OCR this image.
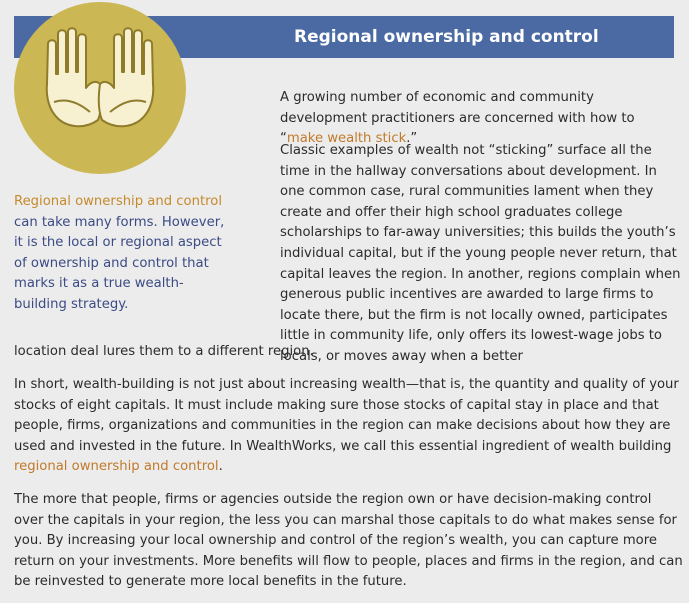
Regional ownership and control
Regional ownership and control can take many forms. However, it is the local or regional aspect of ownership and control that marks it as a true wealth-building strategy.

A growing number of economic and community development practitioners are concerned with how to “make wealth stick.”

Classic examples of wealth not “sticking” surface all the time in the hallway conversations about development. In one common case, rural communities lament when they create and offer their high school graduates college scholarships to far-away universities; this builds the youth’s individual capital, but if the young people never return, that capital leaves the region. In another, regions complain when generous public incentives are awarded to large firms to locate there, but the firm is not locally owned, participates little in community life, only offers its lowest-wage jobs to locals, or moves away when a better

location deal lures them to a different region.

In short, wealth-building is not just about increasing wealth—that is, the quantity and quality of your stocks of eight capitals. It must include making sure those stocks of capital stay in place and that people, firms, organizations and communities in the region can make decisions about how they are used and invested in the future. In WealthWorks, we call this essential ingredient of wealth building regional ownership and control.

The more that people, firms or agencies outside the region own or have decision-making control over the capitals in your region, the less you can marshal those capitals to do what makes sense for you. By increasing your local ownership and control of the region’s wealth, you can capture more return on your investments. More benefits will flow to people, places and firms in the region, and can be reinvested to generate more local benefits in the future.
